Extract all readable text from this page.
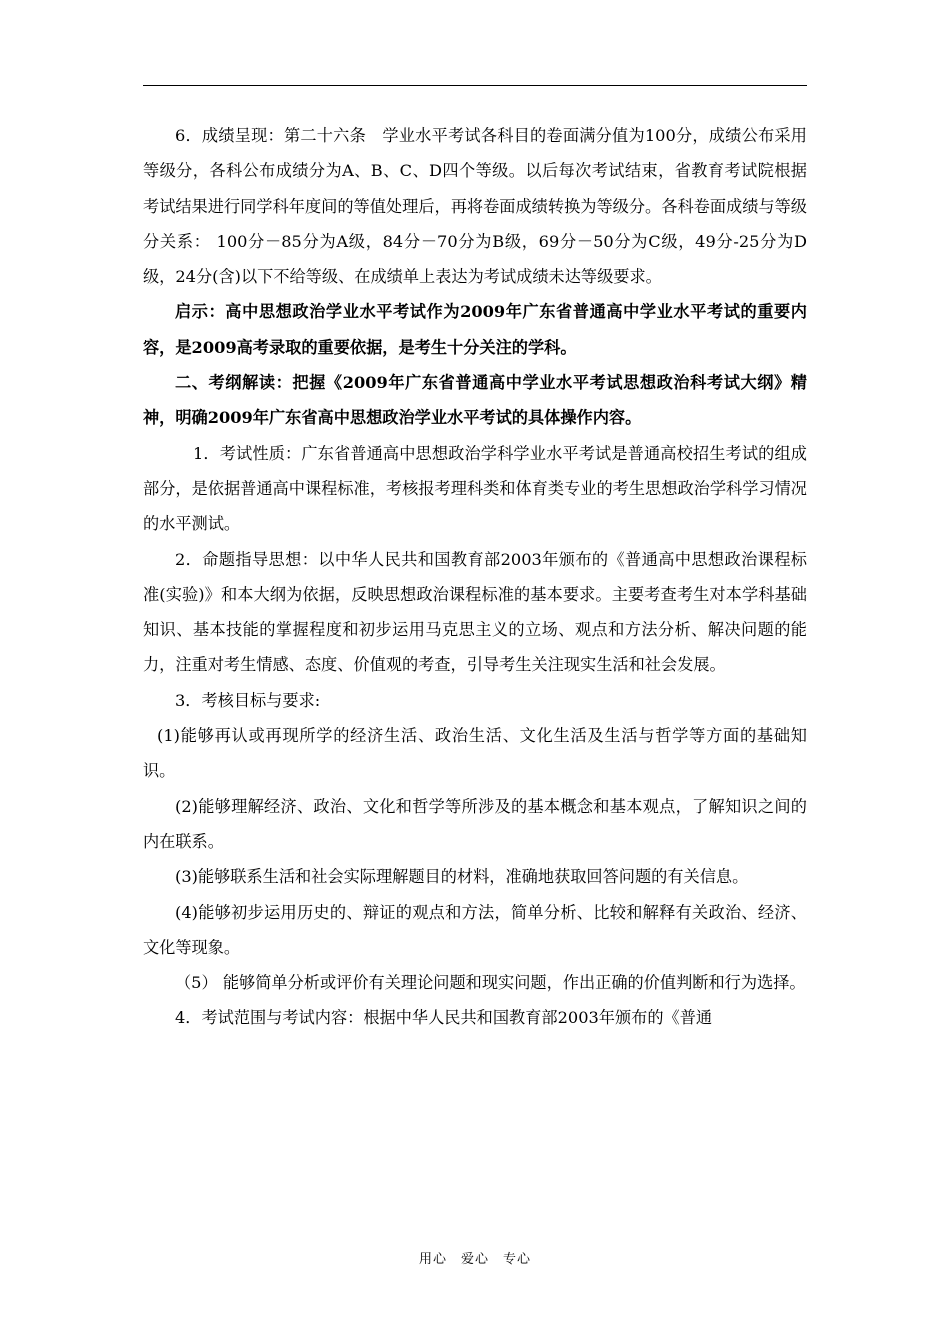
6．成绩呈现：第二十六条　学业水平考试各科目的卷面满分值为100分，成绩公布采用等级分，各科公布成绩分为A、B、C、D四个等级。以后每次考试结束，省教育考试院根据考试结果进行同学科年度间的等值处理后，再将卷面成绩转换为等级分。各科卷面成绩与等级分关系： 100分－85分为A级，84分－70分为B级，69分－50分为C级，49分-25分为D级，24分(含)以下不给等级、在成绩单上表达为考试成绩未达等级要求。

启示：高中思想政治学业水平考试作为2009年广东省普通高中学业水平考试的重要内容，是2009高考录取的重要依据，是考生十分关注的学科。

二、考纲解读：把握《2009年广东省普通高中学业水平考试思想政治科考试大纲》精神，明确2009年广东省高中思想政治学业水平考试的具体操作内容。

1．考试性质：广东省普通高中思想政治学科学业水平考试是普通高校招生考试的组成部分，是依据普通高中课程标准，考核报考理科类和体育类专业的考生思想政治学科学习情况的水平测试。

2．命题指导思想：以中华人民共和国教育部2003年颁布的《普通高中思想政治课程标准(实验)》和本大纲为依据，反映思想政治课程标准的基本要求。主要考查考生对本学科基础知识、基本技能的掌握程度和初步运用马克思主义的立场、观点和方法分析、解决问题的能力，注重对考生情感、态度、价值观的考查，引导考生关注现实生活和社会发展。

3．考核目标与要求:

(1)能够再认或再现所学的经济生活、政治生活、文化生活及生活与哲学等方面的基础知识。

(2)能够理解经济、政治、文化和哲学等所涉及的基本概念和基本观点，了解知识之间的内在联系。

(3)能够联系生活和社会实际理解题目的材料，准确地获取回答问题的有关信息。

(4)能够初步运用历史的、辩证的观点和方法，简单分析、比较和解释有关政治、经济、文化等现象。

（5） 能够简单分析或评价有关理论问题和现实问题，作出正确的价值判断和行为选择。

4．考试范围与考试内容：根据中华人民共和国教育部2003年颁布的《普通

用心　爱心　专心
